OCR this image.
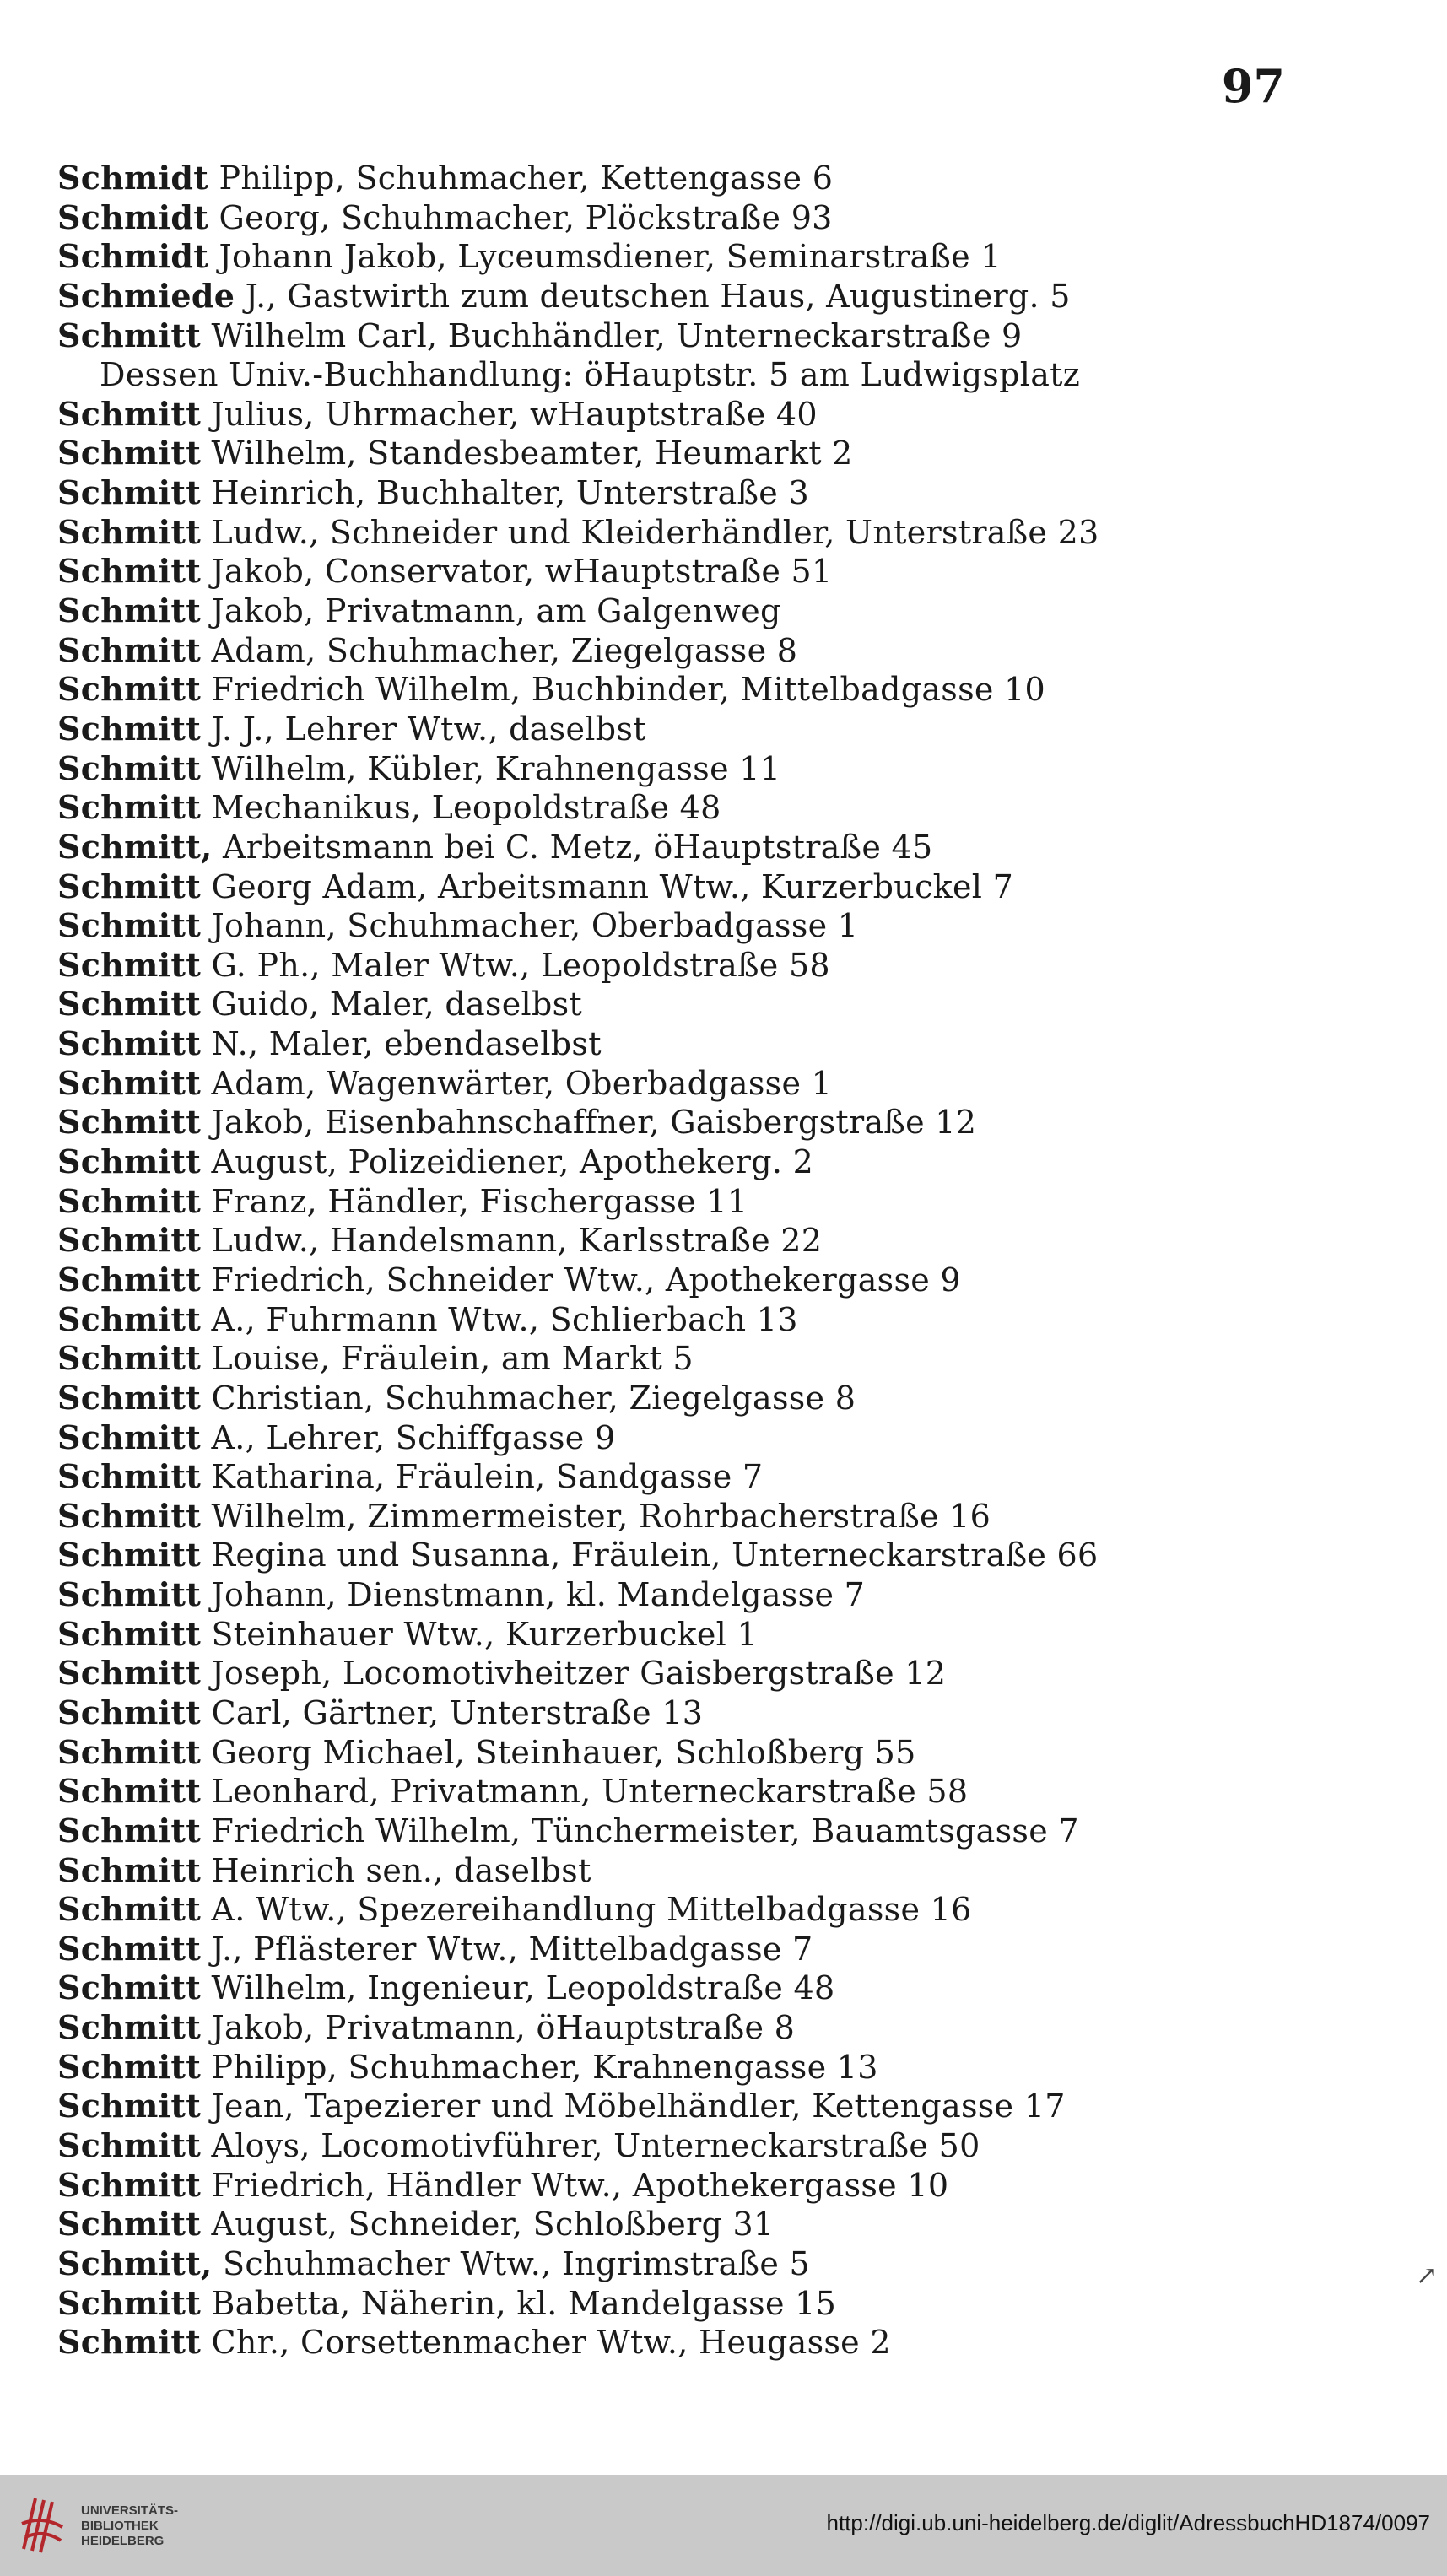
97
Schmidt Philipp, Schuhmacher, Kettengasse 6
Schmidt Georg, Schuhmacher, Plöckstraße 93
Schmidt Johann Jakob, Lyceumsdiener, Seminarstraße 1
Schmiede J., Gastwirth zum deutschen Haus, Augustinerg. 5
Schmitt Wilhelm Carl, Buchhändler, Unterneckarstraße 9
Dessen Univ.-Buchhandlung: öHauptstr. 5 am Ludwigsplatz
Schmitt Julius, Uhrmacher, wHauptstraße 40
Schmitt Wilhelm, Standesbeamter, Heumarkt 2
Schmitt Heinrich, Buchhalter, Unterstraße 3
Schmitt Ludw., Schneider und Kleiderhändler, Unterstraße 23
Schmitt Jakob, Conservator, wHauptstraße 51
Schmitt Jakob, Privatmann, am Galgenweg
Schmitt Adam, Schuhmacher, Ziegelgasse 8
Schmitt Friedrich Wilhelm, Buchbinder, Mittelbadgasse 10
Schmitt J. J., Lehrer Wtw., daselbst
Schmitt Wilhelm, Kübler, Krahnengasse 11
Schmitt Mechanikus, Leopoldstraße 48
Schmitt, Arbeitsmann bei C. Metz, öHauptstraße 45
Schmitt Georg Adam, Arbeitsmann Wtw., Kurzerbuckel 7
Schmitt Johann, Schuhmacher, Oberbadgasse 1
Schmitt G. Ph., Maler Wtw., Leopoldstraße 58
Schmitt Guido, Maler, daselbst
Schmitt N., Maler, ebendaselbst
Schmitt Adam, Wagenwärter, Oberbadgasse 1
Schmitt Jakob, Eisenbahnschaffner, Gaisbergstraße 12
Schmitt August, Polizeidiener, Apothekerg. 2
Schmitt Franz, Händler, Fischergasse 11
Schmitt Ludw., Handelsmann, Karlsstraße 22
Schmitt Friedrich, Schneider Wtw., Apothekergasse 9
Schmitt A., Fuhrmann Wtw., Schlierbach 13
Schmitt Louise, Fräulein, am Markt 5
Schmitt Christian, Schuhmacher, Ziegelgasse 8
Schmitt A., Lehrer, Schiffgasse 9
Schmitt Katharina, Fräulein, Sandgasse 7
Schmitt Wilhelm, Zimmermeister, Rohrbacherstraße 16
Schmitt Regina und Susanna, Fräulein, Unterneckarstraße 66
Schmitt Johann, Dienstmann, kl. Mandelgasse 7
Schmitt Steinhauer Wtw., Kurzerbuckel 1
Schmitt Joseph, Locomotivheitzer Gaisbergstraße 12
Schmitt Carl, Gärtner, Unterstraße 13
Schmitt Georg Michael, Steinhauer, Schloßberg 55
Schmitt Leonhard, Privatmann, Unterneckarstraße 58
Schmitt Friedrich Wilhelm, Tünchermeister, Bauamtsgasse 7
Schmitt Heinrich sen., daselbst
Schmitt A. Wtw., Spezereihandlung Mittelbadgasse 16
Schmitt J., Pflästerer Wtw., Mittelbadgasse 7
Schmitt Wilhelm, Ingenieur, Leopoldstraße 48
Schmitt Jakob, Privatmann, öHauptstraße 8
Schmitt Philipp, Schuhmacher, Krahnengasse 13
Schmitt Jean, Tapezierer und Möbelhändler, Kettengasse 17
Schmitt Aloys, Locomotivführer, Unterneckarstraße 50
Schmitt Friedrich, Händler Wtw., Apothekergasse 10
Schmitt August, Schneider, Schloßberg 31
Schmitt, Schuhmacher Wtw., Ingrimstraße 5
Schmitt Babetta, Näherin, kl. Mandelgasse 15
Schmitt Chr., Corsettenmacher Wtw., Heugasse 2
↗
UNIVERSITÄTS-
BIBLIOTHEK
HEIDELBERG
http://digi.ub.uni-heidelberg.de/diglit/AdressbuchHD1874/0097
